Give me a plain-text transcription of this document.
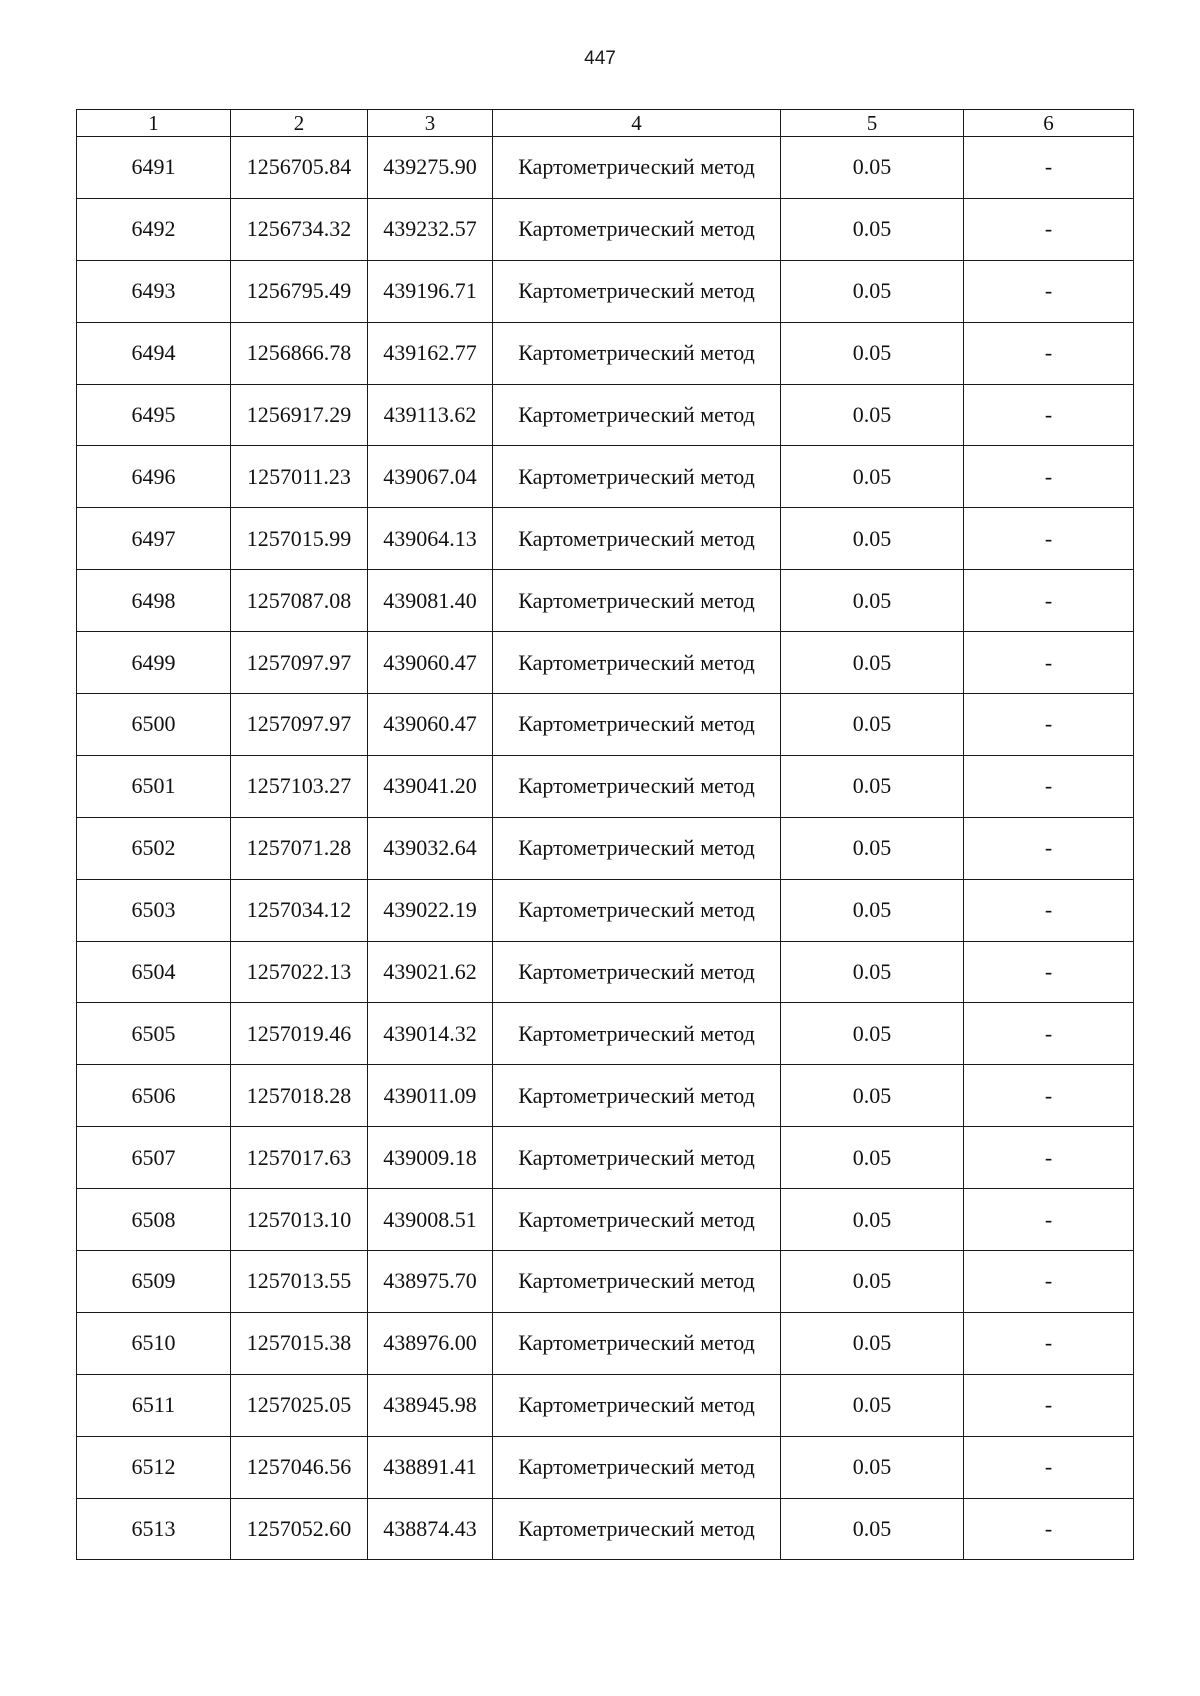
447
1	2	3	4	5	6
6491	1256705.84	439275.90	Картометрический метод	0.05	-
6492	1256734.32	439232.57	Картометрический метод	0.05	-
6493	1256795.49	439196.71	Картометрический метод	0.05	-
6494	1256866.78	439162.77	Картометрический метод	0.05	-
6495	1256917.29	439113.62	Картометрический метод	0.05	-
6496	1257011.23	439067.04	Картометрический метод	0.05	-
6497	1257015.99	439064.13	Картометрический метод	0.05	-
6498	1257087.08	439081.40	Картометрический метод	0.05	-
6499	1257097.97	439060.47	Картометрический метод	0.05	-
6500	1257097.97	439060.47	Картометрический метод	0.05	-
6501	1257103.27	439041.20	Картометрический метод	0.05	-
6502	1257071.28	439032.64	Картометрический метод	0.05	-
6503	1257034.12	439022.19	Картометрический метод	0.05	-
6504	1257022.13	439021.62	Картометрический метод	0.05	-
6505	1257019.46	439014.32	Картометрический метод	0.05	-
6506	1257018.28	439011.09	Картометрический метод	0.05	-
6507	1257017.63	439009.18	Картометрический метод	0.05	-
6508	1257013.10	439008.51	Картометрический метод	0.05	-
6509	1257013.55	438975.70	Картометрический метод	0.05	-
6510	1257015.38	438976.00	Картометрический метод	0.05	-
6511	1257025.05	438945.98	Картометрический метод	0.05	-
6512	1257046.56	438891.41	Картометрический метод	0.05	-
6513	1257052.60	438874.43	Картометрический метод	0.05	-
